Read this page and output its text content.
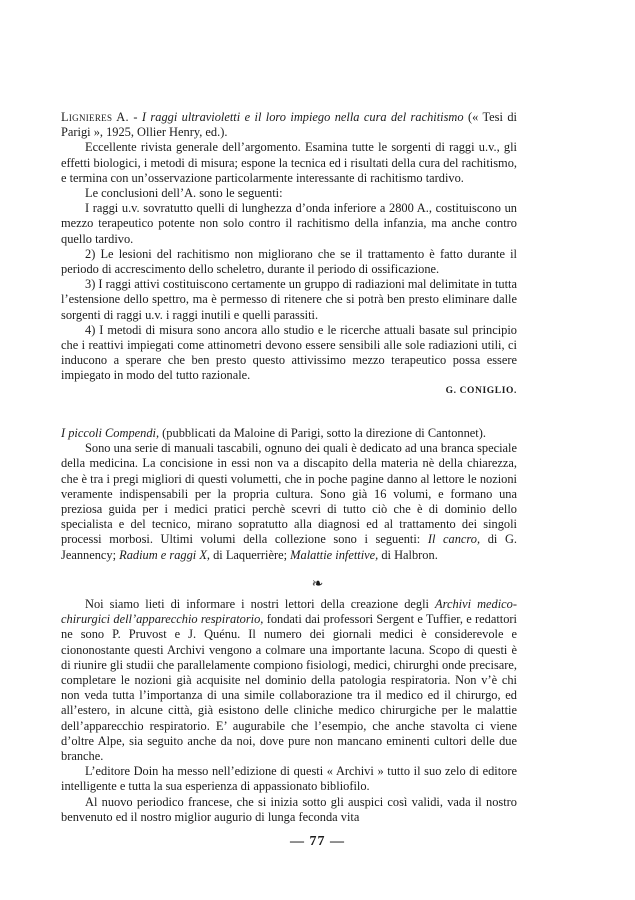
Lignieres A. - I raggi ultravioletti e il loro impiego nella cura del rachitismo (« Tesi di Parigi », 1925, Ollier Henry, ed.).

Eccellente rivista generale dell’argomento. Esamina tutte le sorgenti di raggi u.v., gli effetti biologici, i metodi di misura; espone la tecnica ed i risultati della cura del rachitismo, e termina con un’osservazione particolarmente interessante di rachitismo tardivo.

Le conclusioni dell’A. sono le seguenti:

I raggi u.v. sovratutto quelli di lunghezza d’onda inferiore a 2800 A., costituiscono un mezzo terapeutico potente non solo contro il rachitismo della infanzia, ma anche contro quello tardivo.

2) Le lesioni del rachitismo non migliorano che se il trattamento è fatto durante il periodo di accrescimento dello scheletro, durante il periodo di ossificazione.

3) I raggi attivi costituiscono certamente un gruppo di radiazioni mal delimitate in tutta l’estensione dello spettro, ma è permesso di ritenere che si potrà ben presto eliminare dalle sorgenti di raggi u.v. i raggi inutili e quelli parassiti.

4) I metodi di misura sono ancora allo studio e le ricerche attuali basate sul principio che i reattivi impiegati come attinometri devono essere sensibili alle sole radiazioni utili, ci inducono a sperare che ben presto questo attivissimo mezzo terapeutico possa essere impiegato in modo del tutto razionale.

G. CONIGLIO.

I piccoli Compendi, (pubblicati da Maloine di Parigi, sotto la direzione di Cantonnet).

Sono una serie di manuali tascabili, ognuno dei quali è dedicato ad una branca speciale della medicina. La concisione in essi non va a discapito della materia nè della chiarezza, che è tra i pregi migliori di questi volumetti, che in poche pagine danno al lettore le nozioni veramente indispensabili per la propria cultura. Sono già 16 volumi, e formano una preziosa guida per i medici pratici perchè scevri di tutto ciò che è di dominio dello specialista e del tecnico, mirano sopratutto alla diagnosi ed al trattamento dei singoli processi morbosi. Ultimi volumi della collezione sono i seguenti: Il cancro, di G. Jeannency; Radium e raggi X, di Laquerrière; Malattie infettive, di Halbron.

❧

Noi siamo lieti di informare i nostri lettori della creazione degli Archivi medico-chirurgici dell’apparecchio respiratorio, fondati dai professori Sergent e Tuffier, e redattori ne sono P. Pruvost e J. Quénu. Il numero dei giornali medici è considerevole e ciononostante questi Archivi vengono a colmare una importante lacuna. Scopo di questi è di riunire gli studii che parallelamente compiono fisiologi, medici, chirurghi onde precisare, completare le nozioni già acquisite nel dominio della patologia respiratoria. Non v’è chi non veda tutta l’importanza di una simile collaborazione tra il medico ed il chirurgo, ed all’estero, in alcune città, già esistono delle cliniche medico chirurgiche per le malattie dell’apparecchio respiratorio. E’ augurabile che l’esempio, che anche stavolta ci viene d’oltre Alpe, sia seguito anche da noi, dove pure non mancano eminenti cultori delle due branche.

L’editore Doin ha messo nell’edizione di questi « Archivi » tutto il suo zelo di editore intelligente e tutta la sua esperienza di appassionato bibliofilo.

Al nuovo periodico francese, che si inizia sotto gli auspici così validi, vada il nostro benvenuto ed il nostro miglior augurio di lunga feconda vita

— 77 —
